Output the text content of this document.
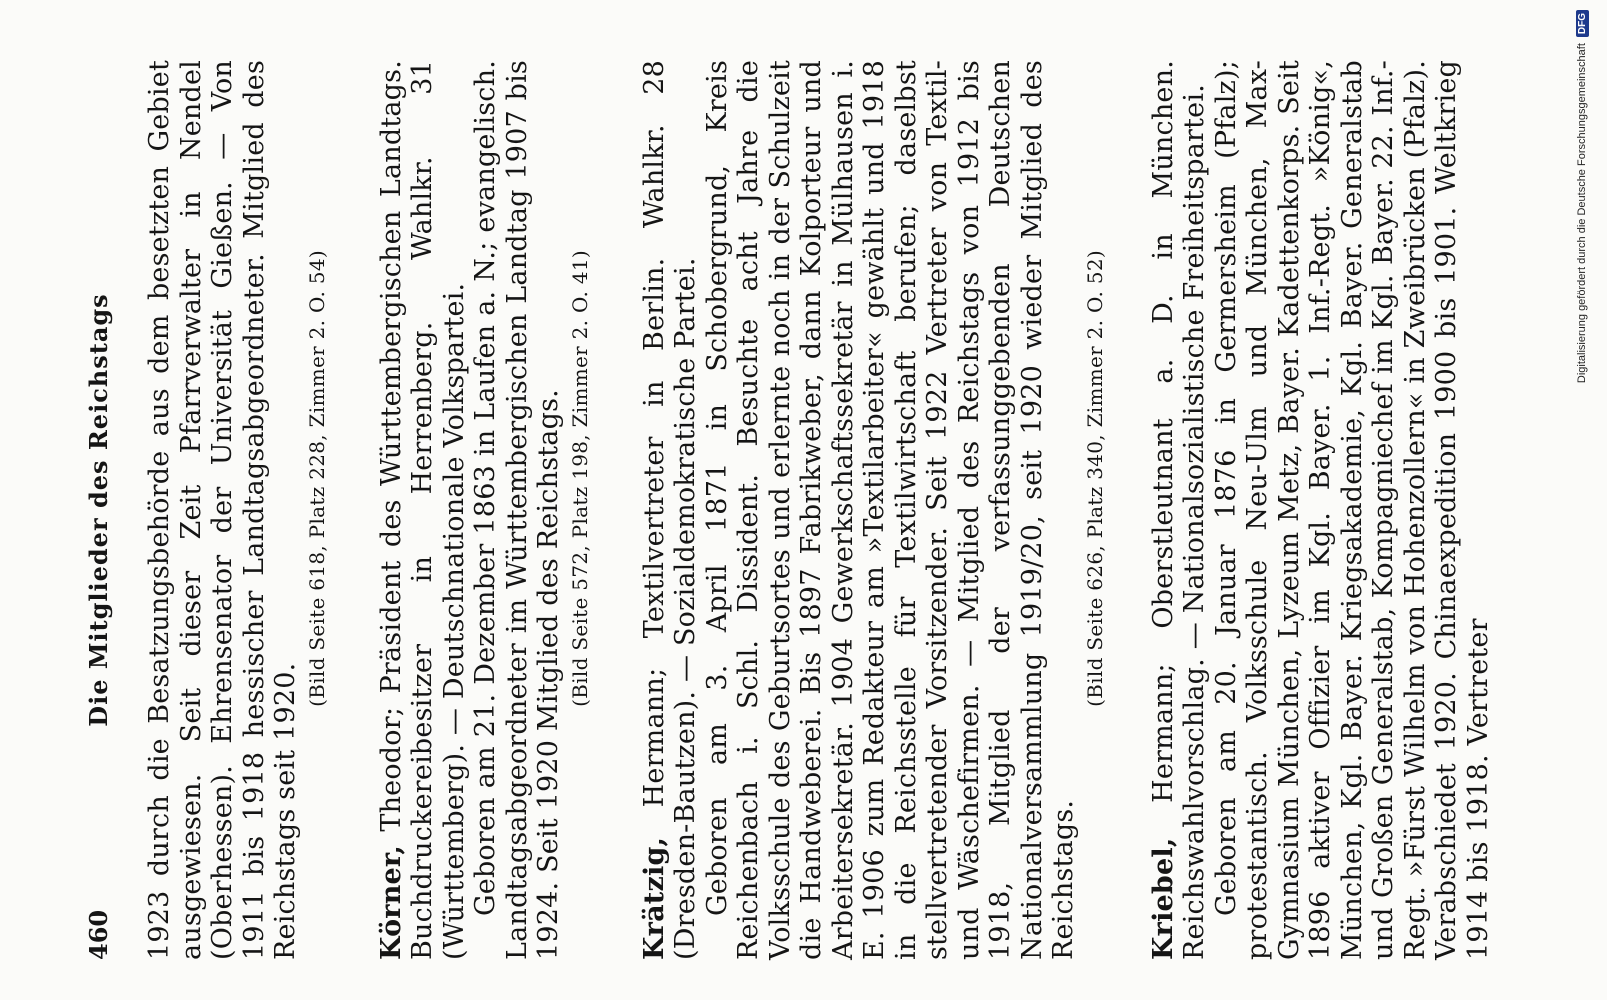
460
Die Mitglieder des Reichstags 1923 durch die Besatzungsbehörde aus dem besetzten Gebiet ausgewiesen. Seit dieser Zeit Pfarrverwalter in Nendel (Oberhessen). Ehrensenator der Universität Gießen. — Von 1911 bis 1918 hessischer Landtagsabgeordneter. Mitglied des Reichstags seit 1920.

(Bild Seite 618, Platz 228, Zimmer 2. O. 54)

Körner, Theodor; Präsident des Württembergischen Landtags. Buchdruckereibesitzer in Herrenberg. Wahlkr. 31 (Württemberg). — Deutschnationale Volkspartei. Geboren am 21. Dezember 1863 in Laufen a. N.; evangelisch. Landtagsabgeordneter im Württembergischen Landtag 1907 bis 1924. Seit 1920 Mitglied des Reichstags. (Bild Seite 572, Platz 198, Zimmer 2. O. 41)

Krätzig, Hermann; Textilvertreter in Berlin. Wahlkr. 28 (Dresden-Bautzen). — Sozialdemokratische Partei. Geboren am 3. April 1871 in Schobergrund, Kreis Reichenbach i. Schl. Dissident. Besuchte acht Jahre die Volksschule des Geburtsortes und erlernte noch in der Schulzeit die Handweberei. Bis 1897 Fabrikweber, dann Kolporteur und Arbeitersekretär. 1904 Gewerkschaftssekretär in Mülhausen i. E. 1906 zum Redakteur am »Textilarbeiter« gewählt und 1918 in die Reichsstelle für Textilwirtschaft berufen; daselbst stellvertretender Vorsitzender. Seit 1922 Vertreter von Textil- und Wäschefirmen. — Mitglied des Reichstags von 1912 bis 1918, Mitglied der verfassunggebenden Deutschen Nationalversammlung 1919/20, seit 1920 wieder Mitglied des Reichstags.

(Bild Seite 626, Platz 340, Zimmer 2. O. 52)

Kriebel, Hermann; Oberstleutnant a. D. in München. Reichswahlvorschlag. — Nationalsozialistische Freiheitspartei. Geboren am 20. Januar 1876 in Germersheim (Pfalz); protestantisch. Volksschule Neu-Ulm und München, Max-Gymnasium München, Lyzeum Metz, Bayer. Kadettenkorps. Seit 1896 aktiver Offizier im Kgl. Bayer. 1. Inf.-Regt. »König«, München, Kgl. Bayer. Kriegsakademie, Kgl. Bayer. Generalstab und Großen Generalstab, Kompagniechef im Kgl. Bayer. 22. Inf.-Regt. »Fürst Wilhelm von Hohenzollern« in Zweibrücken (Pfalz). Verabschiedet 1920. Chinaexpedition 1900 bis 1901. Weltkrieg 1914 bis 1918. Vertreter

Digitalisierung gefördert durch die Deutsche Forschungsgemeinschaft
DFG
